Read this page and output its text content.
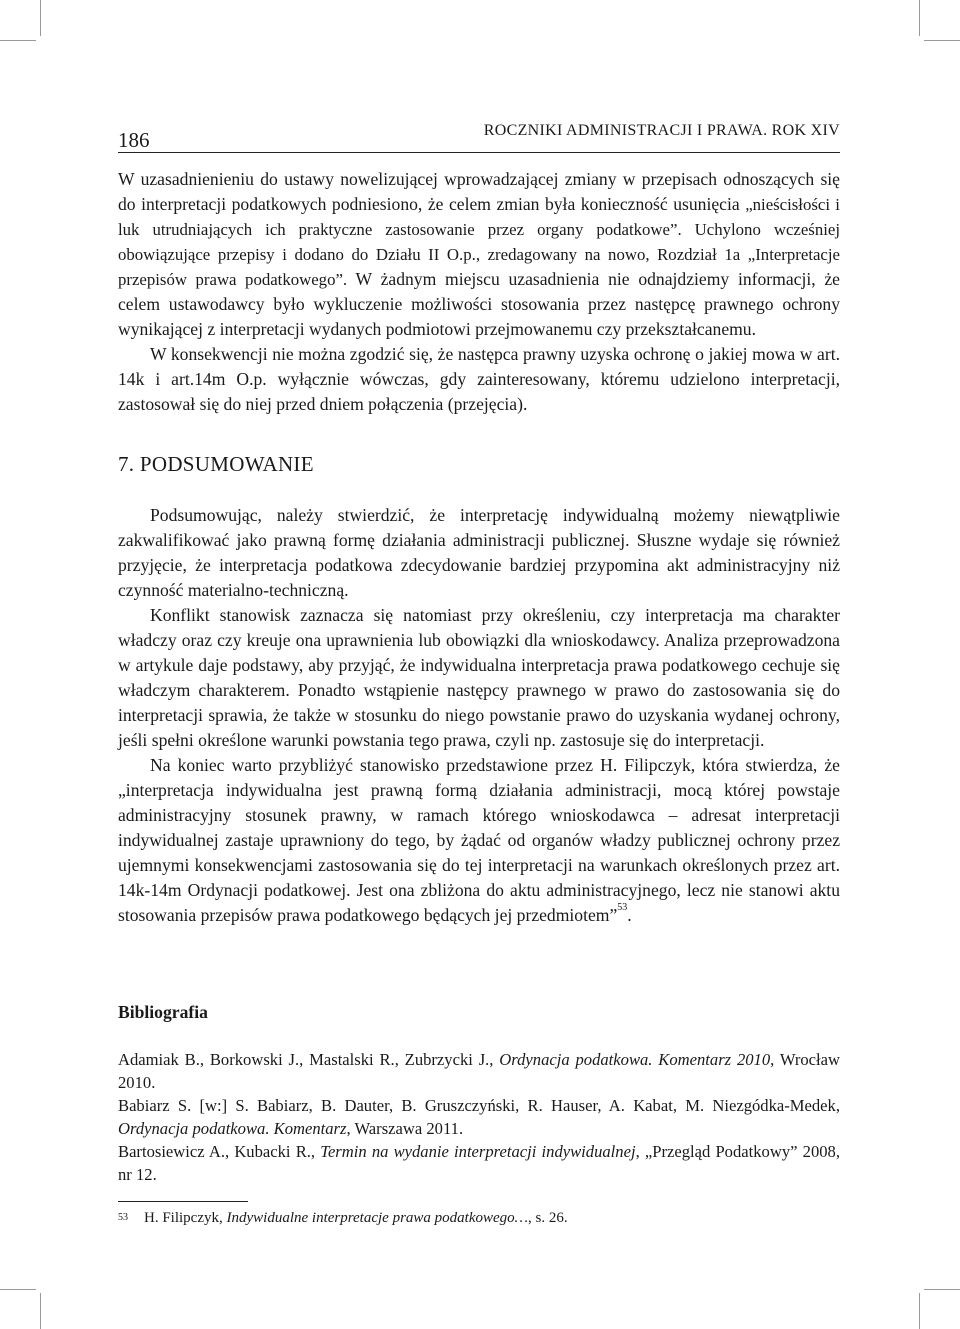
186	ROCZNIKI ADMINISTRACJI I PRAWA. ROK XIV

W uzasadnienieniu do ustawy nowelizującej wprowadzającej zmiany w przepisach odnoszących się do interpretacji podatkowych podniesiono, że celem zmian była konieczność usunięcia „nieścisłości i luk utrudniających ich praktyczne zastosowanie przez organy podatkowe”. Uchylono wcześniej obowiązujące przepisy i dodano do Działu II O.p., zredagowany na nowo, Rozdział 1a „Interpretacje przepisów prawa podatkowego”. W żadnym miejscu uzasadnienia nie odnajdziemy informacji, że celem ustawodawcy było wykluczenie możliwości stosowania przez następcę prawnego ochrony wynikającej z interpretacji wydanych podmiotowi przejmowanemu czy przekształcanemu.

W konsekwencji nie można zgodzić się, że następca prawny uzyska ochronę o jakiej mowa w art. 14k i art.14m O.p. wyłącznie wówczas, gdy zainteresowany, któremu udzielono interpretacji, zastosował się do niej przed dniem połączenia (przejęcia).

7. PODSUMOWANIE

Podsumowując, należy stwierdzić, że interpretację indywidualną możemy niewątpliwie zakwalifikować jako prawną formę działania administracji publicznej. Słuszne wydaje się również przyjęcie, że interpretacja podatkowa zdecydowanie bardziej przypomina akt administracyjny niż czynność materialno-techniczną.

Konflikt stanowisk zaznacza się natomiast przy określeniu, czy interpretacja ma charakter władczy oraz czy kreuje ona uprawnienia lub obowiązki dla wnioskodawcy. Analiza przeprowadzona w artykule daje podstawy, aby przyjąć, że indywidualna interpretacja prawa podatkowego cechuje się władczym charakterem. Ponadto wstąpienie następcy prawnego w prawo do zastosowania się do interpretacji sprawia, że także w stosunku do niego powstanie prawo do uzyskania wydanej ochrony, jeśli spełni określone warunki powstania tego prawa, czyli np. zastosuje się do interpretacji.

Na koniec warto przybliżyć stanowisko przedstawione przez H. Filipczyk, która stwierdza, że „interpretacja indywidualna jest prawną formą działania administracji, mocą której powstaje administracyjny stosunek prawny, w ramach którego wnioskodawca – adresat interpretacji indywidualnej zastaje uprawniony do tego, by żądać od organów władzy publicznej ochrony przez ujemnymi konsekwencjami zastosowania się do tej interpretacji na warunkach określonych przez art. 14k-14m Ordynacji podatkowej. Jest ona zbliżona do aktu administracyjnego, lecz nie stanowi aktu stosowania przepisów prawa podatkowego będących jej przedmiotem”$^{53}$.

Bibliografia

Adamiak B., Borkowski J., Mastalski R., Zubrzycki J., Ordynacja podatkowa. Komentarz 2010, Wrocław 2010.

Babiarz S. [w:] S. Babiarz, B. Dauter, B. Gruszczyński, R. Hauser, A. Kabat, M. Niezgódka-Medek, Ordynacja podatkowa. Komentarz, Warszawa 2011.

Bartosiewicz A., Kubacki R., Termin na wydanie interpretacji indywidualnej, „Przegląd Podatkowy” 2008, nr 12.

$^{53}$ H. Filipczyk, Indywidualne interpretacje prawa podatkowego…, s. 26.
